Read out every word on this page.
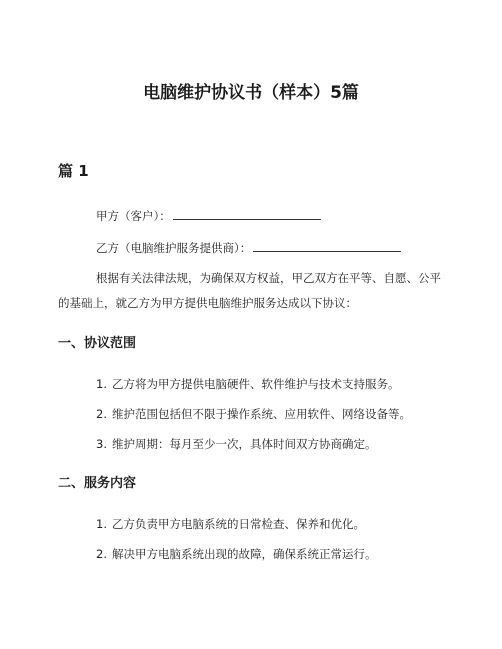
电脑维护协议书（样本）5篇
篇 1

甲方（客户）：

乙方（电脑维护服务提供商）：

根据有关法律法规，为确保双方权益，甲乙双方在平等、自愿、公平的基础上，就乙方为甲方提供电脑维护服务达成以下协议：

一、协议范围

1. 乙方将为甲方提供电脑硬件、软件维护与技术支持服务。

2. 维护范围包括但不限于操作系统、应用软件、网络设备等。

3. 维护周期：每月至少一次，具体时间双方协商确定。

二、服务内容

1. 乙方负责甲方电脑系统的日常检查、保养和优化。

2. 解决甲方电脑系统出现的故障，确保系统正常运行。
